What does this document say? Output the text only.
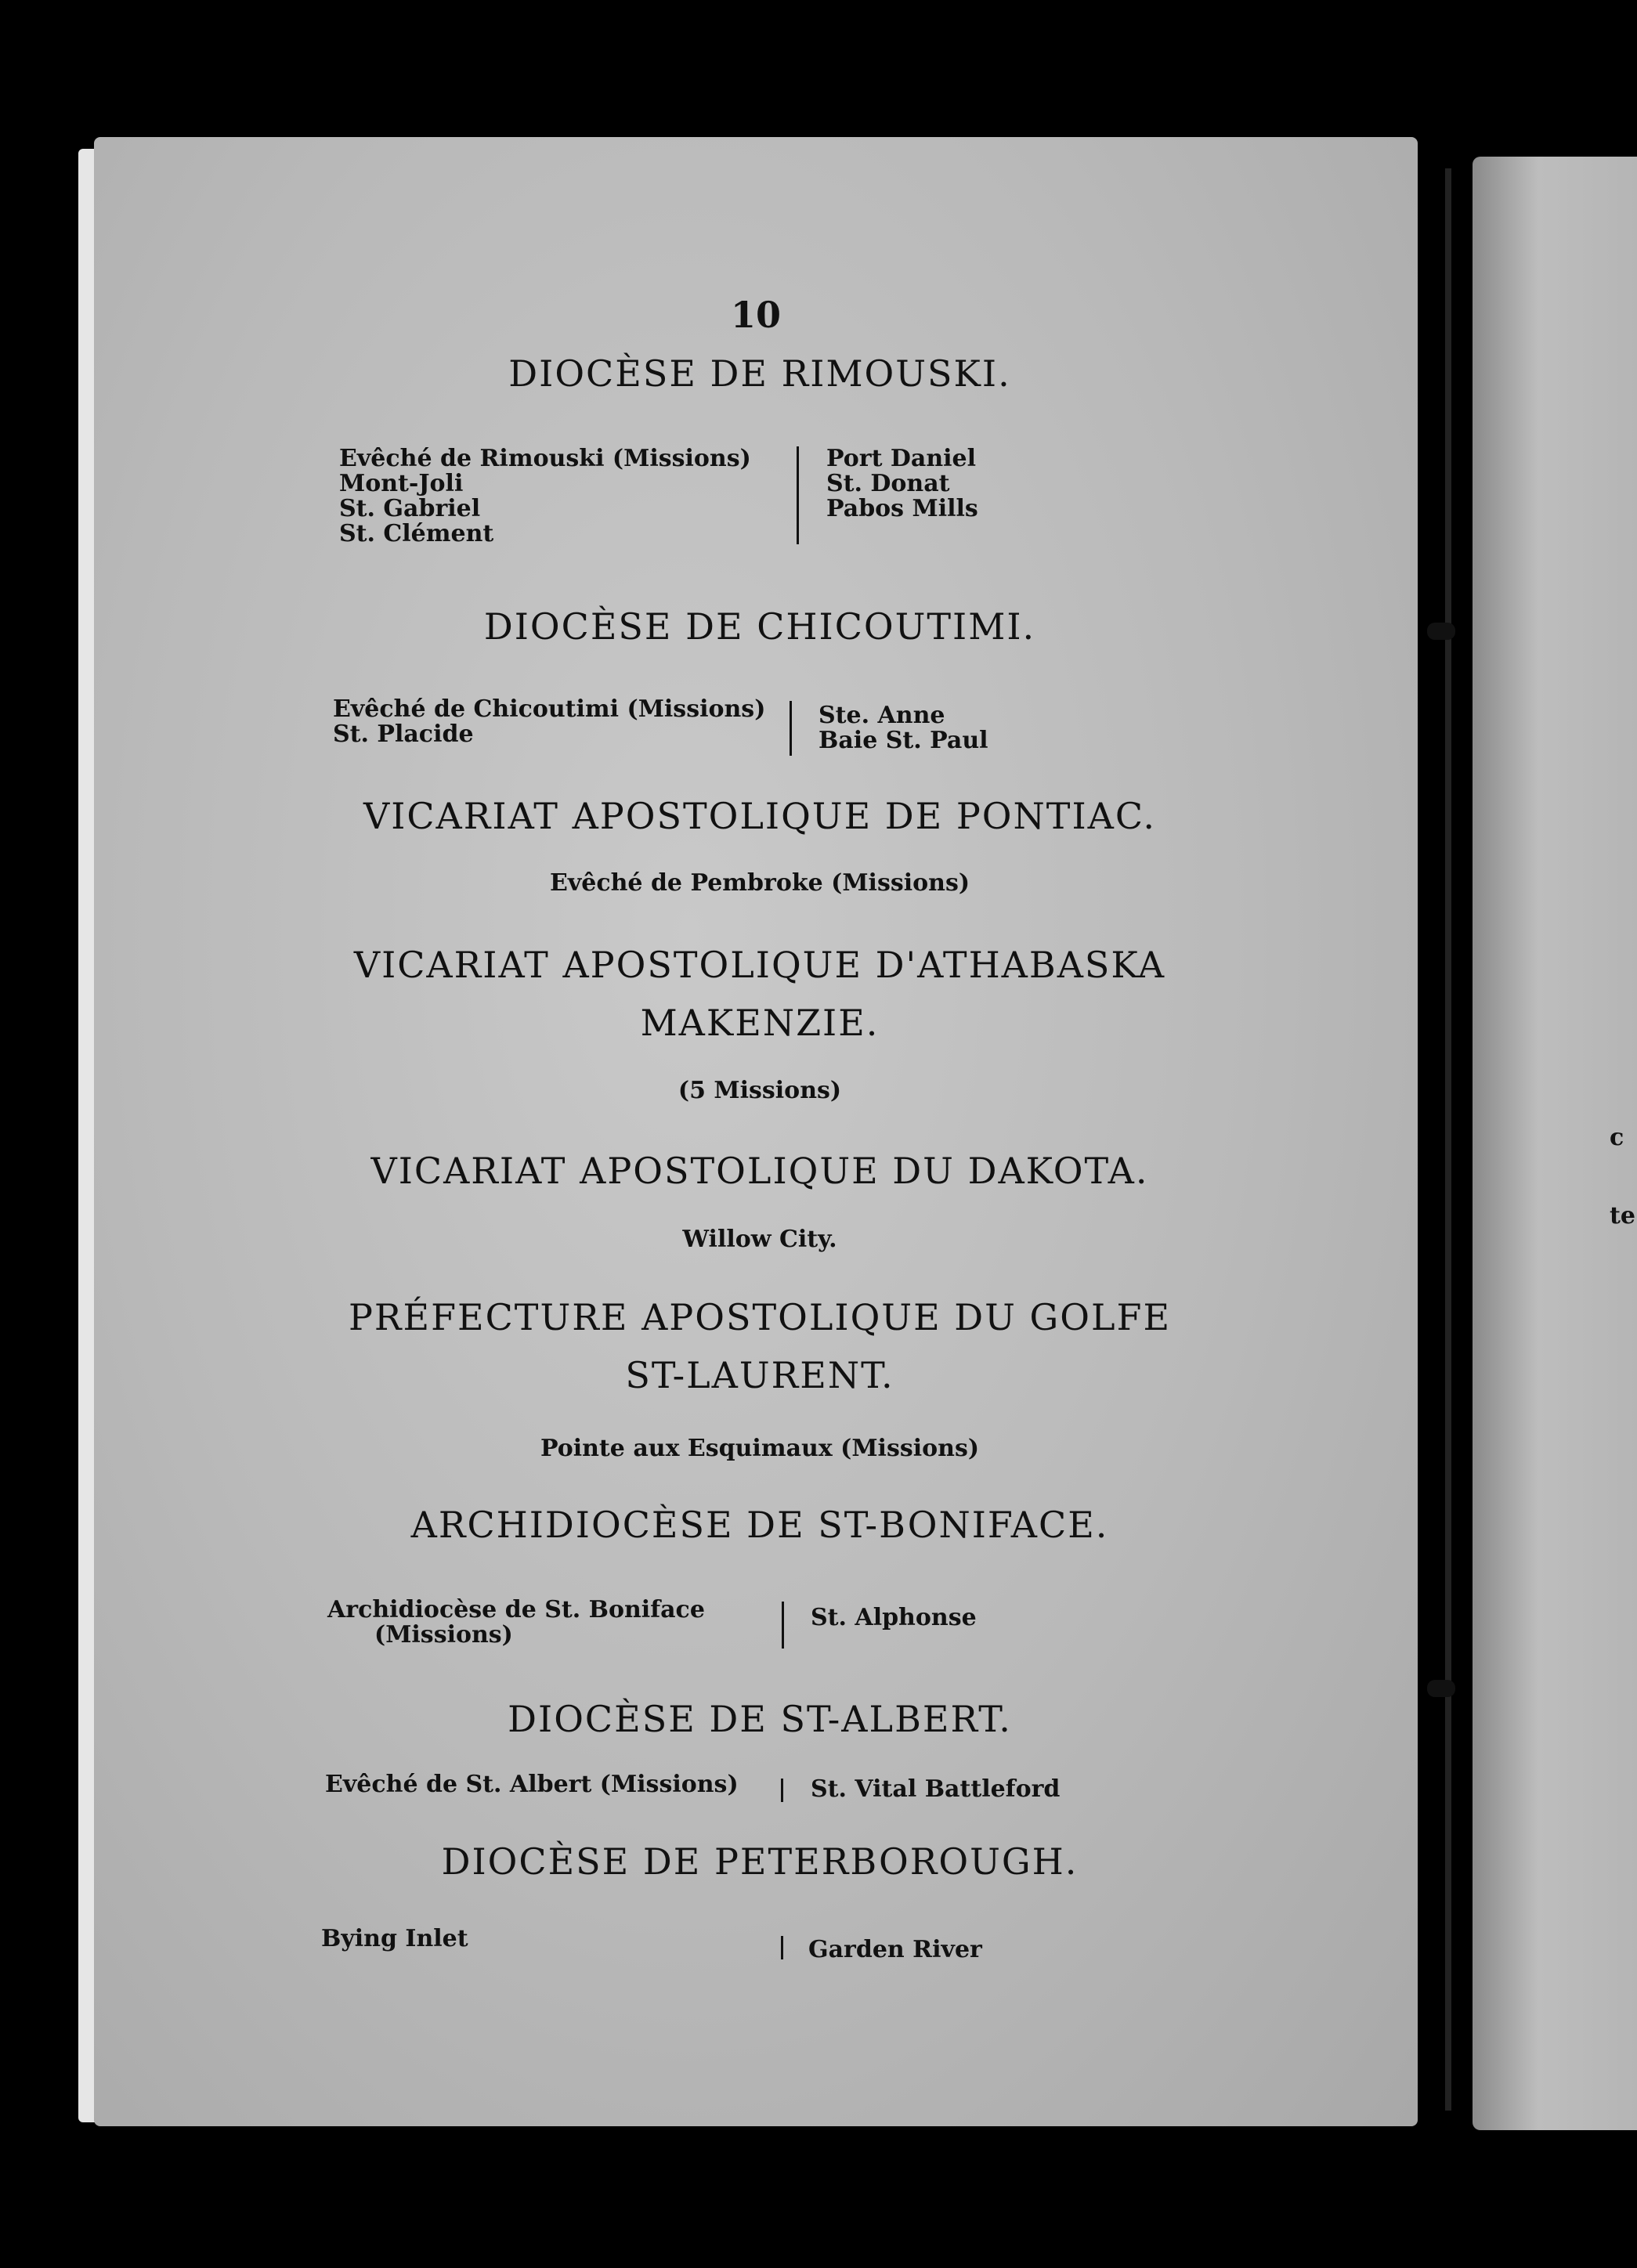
c
te
10
DIOCÈSE DE RIMOUSKI.
Evêché de Rimouski (Missions)
Mont-Joli
St. Gabriel
St. Clément
Port Daniel
St. Donat
Pabos Mills
DIOCÈSE DE CHICOUTIMI.
Evêché de Chicoutimi (Missions)
St. Placide
Ste. Anne
Baie St. Paul
VICARIAT APOSTOLIQUE DE PONTIAC.
Evêché de Pembroke (Missions)
VICARIAT APOSTOLIQUE D'ATHABASKA
MAKENZIE.
(5 Missions)
VICARIAT APOSTOLIQUE DU DAKOTA.
Willow City.
PRÉFECTURE APOSTOLIQUE DU GOLFE
ST-LAURENT.
Pointe aux Esquimaux (Missions)
ARCHIDIOCÈSE DE ST-BONIFACE.
Archidiocèse de St. Boniface
(Missions)
St. Alphonse
DIOCÈSE DE ST-ALBERT.
Evêché de St. Albert (Missions)	St. Vital Battleford
DIOCÈSE DE PETERBOROUGH.
Bying Inlet	Garden River
